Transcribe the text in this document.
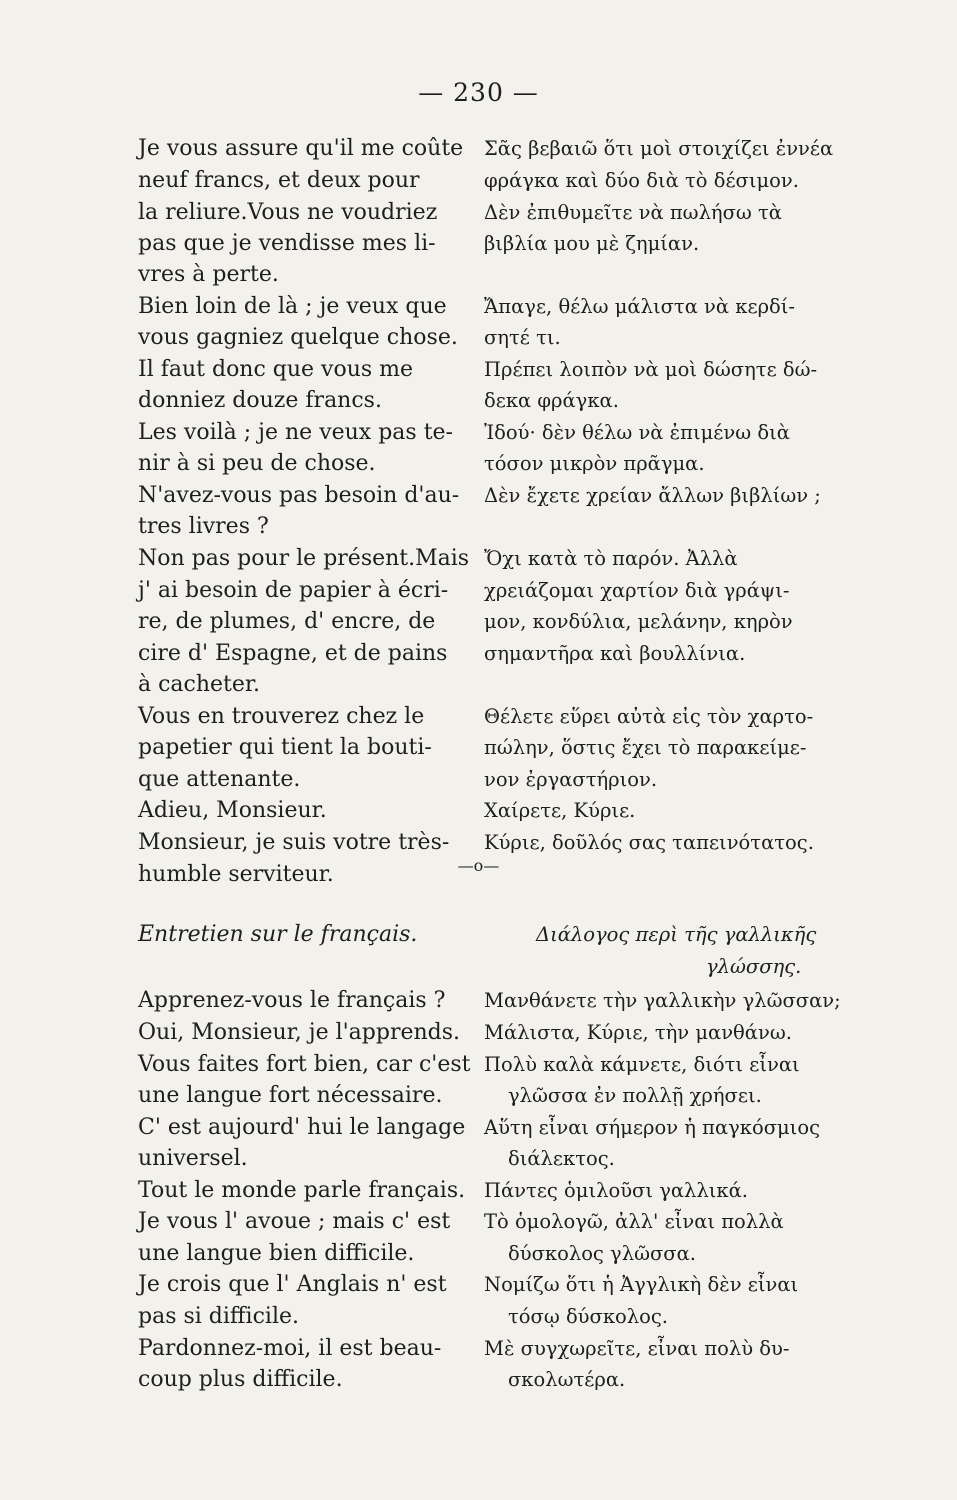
— 230 —
Je vous assure qu'il me coûte
neuf francs, et deux pour
la reliure.Vous ne voudriez
pas que je vendisse mes li-
vres à perte.
Bien loin de là ; je veux que
vous gagniez quelque chose.
Il faut donc que vous me
donniez douze francs.
Les voilà ; je ne veux pas te-
nir à si peu de chose.
N'avez-vous pas besoin d'au-
tres livres ?
Non pas pour le présent.Mais
j' ai besoin de papier à écri-
re, de plumes, d' encre, de
cire d' Espagne, et de pains
à cacheter.
Vous en trouverez chez le
papetier qui tient la bouti-
que attenante.
Adieu, Monsieur.
Monsieur, je suis votre très-
humble serviteur.
Entretien sur le français.
Apprenez-vous le français ?
Oui, Monsieur, je l'apprends.
Vous faites fort bien, car c'est
une langue fort nécessaire.
C' est aujourd' hui le langage
universel.
Tout le monde parle français.
Je vous l' avoue ; mais c' est
une langue bien difficile.
Je crois que l' Anglais n' est
pas si difficile.
Pardonnez-moi, il est beau-
coup plus difficile.
Σᾶς βεβαιῶ ὅτι μοὶ στοιχίζει ἐννέα
φράγκα καὶ δύο διὰ τὸ δέσιμον.
Δὲν ἐπιθυμεῖτε νὰ πωλήσω τὰ
βιβλία μου μὲ ζημίαν.
Ἄπαγε, θέλω μάλιστα νὰ κερδί-
σητέ τι.
Πρέπει λοιπὸν νὰ μοὶ δώσητε δώ-
δεκα φράγκα.
Ἰδού· δὲν θέλω νὰ ἐπιμένω διὰ
τόσον μικρὸν πρᾶγμα.
Δὲν ἔχετε χρείαν ἄλλων βιβλίων ;
Ὄχι κατὰ τὸ παρόν. Ἀλλὰ
χρειάζομαι χαρτίον διὰ γράψι-
μον, κονδύλια, μελάνην, κηρὸν
σημαντῆρα καὶ βουλλίνια.
Θέλετε εὕρει αὐτὰ εἰς τὸν χαρτο-
πώλην, ὅστις ἔχει τὸ παρακείμε-
νον ἐργαστήριον.
Χαίρετε, Κύριε.
Κύριε, δοῦλός σας ταπεινότατος.
Διάλογος περὶ τῆς γαλλικῆς
γλώσσης.
Μανθάνετε τὴν γαλλικὴν γλῶσσαν;
Μάλιστα, Κύριε, τὴν μανθάνω.
Πολὺ καλὰ κάμνετε, διότι εἶναι
γλῶσσα ἐν πολλῇ χρήσει.
Αὕτη εἶναι σήμερον ἡ παγκόσμιος
διάλεκτος.
Πάντες ὁμιλοῦσι γαλλικά.
Τὸ ὁμολογῶ, ἀλλ' εἶναι πολλὰ
δύσκολος γλῶσσα.
Νομίζω ὅτι ἡ Ἀγγλικὴ δὲν εἶναι
τόσῳ δύσκολος.
Μὲ συγχωρεῖτε, εἶναι πολὺ δυ-
σκολωτέρα.
—o—
